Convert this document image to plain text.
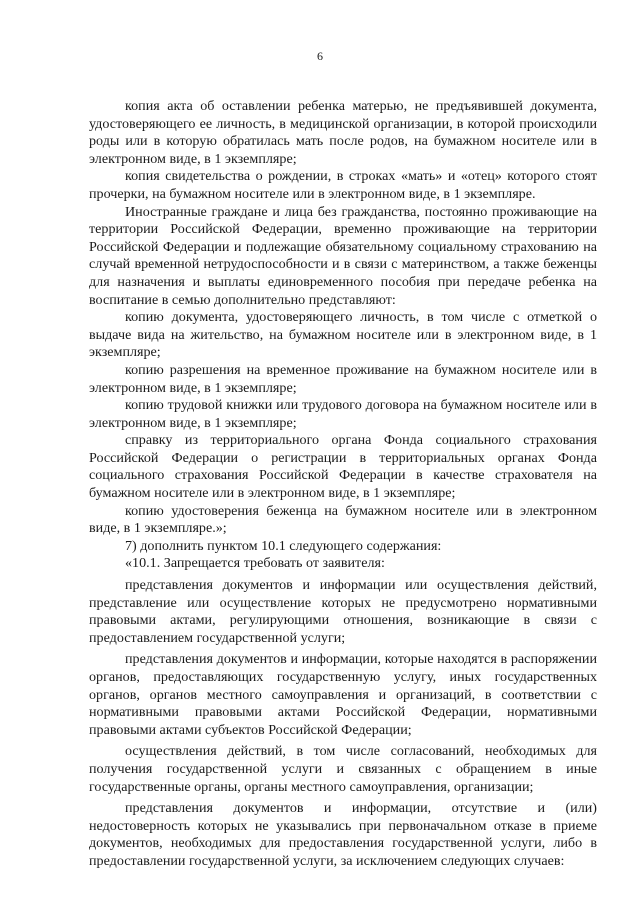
6

копия акта об оставлении ребенка матерью, не предъявившей документа, удостоверяющего ее личность, в медицинской организации, в которой происходили роды или в которую обратилась мать после родов, на бумажном носителе или в электронном виде, в 1 экземпляре;

копия свидетельства о рождении, в строках «мать» и «отец» которого стоят прочерки, на бумажном носителе или в электронном виде, в 1 экземпляре.

Иностранные граждане и лица без гражданства, постоянно проживающие на территории Российской Федерации, временно проживающие на территории Российской Федерации и подлежащие обязательному социальному страхованию на случай временной нетрудоспособности и в связи с материнством, а также беженцы для назначения и выплаты единовременного пособия при передаче ребенка на воспитание в семью дополнительно представляют:

копию документа, удостоверяющего личность, в том числе с отметкой о выдаче вида на жительство, на бумажном носителе или в электронном виде, в 1 экземпляре;

копию разрешения на временное проживание на бумажном носителе или в электронном виде, в 1 экземпляре;

копию трудовой книжки или трудового договора на бумажном носителе или в электронном виде, в 1 экземпляре;

справку из территориального органа Фонда социального страхования Российской Федерации о регистрации в территориальных органах Фонда социального страхования Российской Федерации в качестве страхователя на бумажном носителе или в электронном виде, в 1 экземпляре;

копию удостоверения беженца на бумажном носителе или в электронном виде, в 1 экземпляре.»;

7) дополнить пунктом 10.1 следующего содержания:

«10.1. Запрещается требовать от заявителя:

представления документов и информации или осуществления действий, представление или осуществление которых не предусмотрено нормативными правовыми актами, регулирующими отношения, возникающие в связи с предоставлением государственной услуги;

представления документов и информации, которые находятся в распоряжении органов, предоставляющих государственную услугу, иных государственных органов, органов местного самоуправления и организаций, в соответствии с нормативными правовыми актами Российской Федерации, нормативными правовыми актами субъектов Российской Федерации;

осуществления действий, в том числе согласований, необходимых для получения государственной услуги и связанных с обращением в иные государственные органы, органы местного самоуправления, организации;

представления документов и информации, отсутствие и (или) недостоверность которых не указывались при первоначальном отказе в приеме документов, необходимых для предоставления государственной услуги, либо в предоставлении государственной услуги, за исключением следующих случаев:
